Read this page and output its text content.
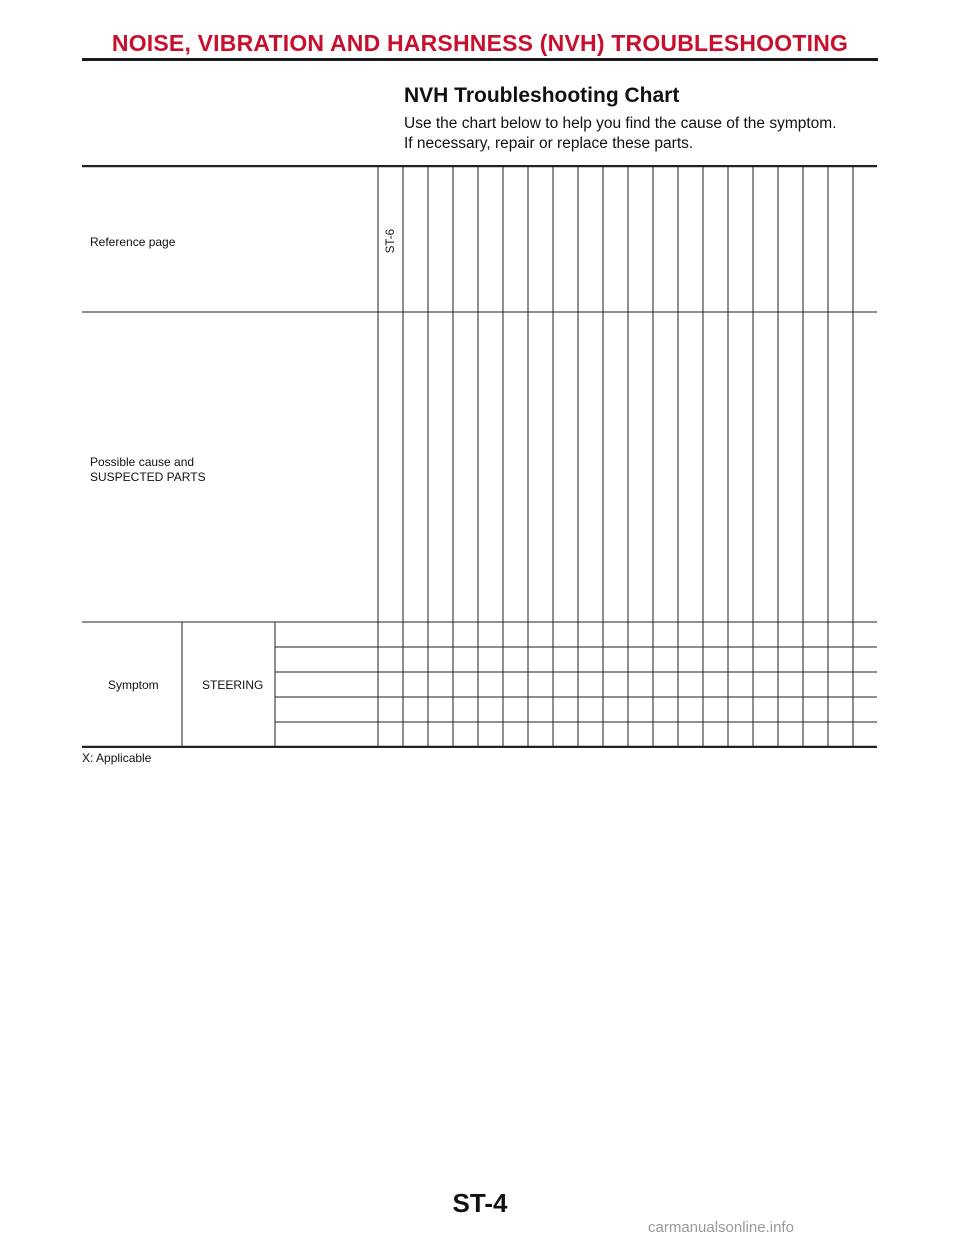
NOISE, VIBRATION AND HARSHNESS (NVH) TROUBLESHOOTING
NVH Troubleshooting Chart
Use the chart below to help you find the cause of the symptom.
If necessary, repair or replace these parts.
ST-6
Reference page
Possible cause and
SUSPECTED PARTS
Symptom	STEERING
X: Applicable
ST-4
carmanualsonline.info
